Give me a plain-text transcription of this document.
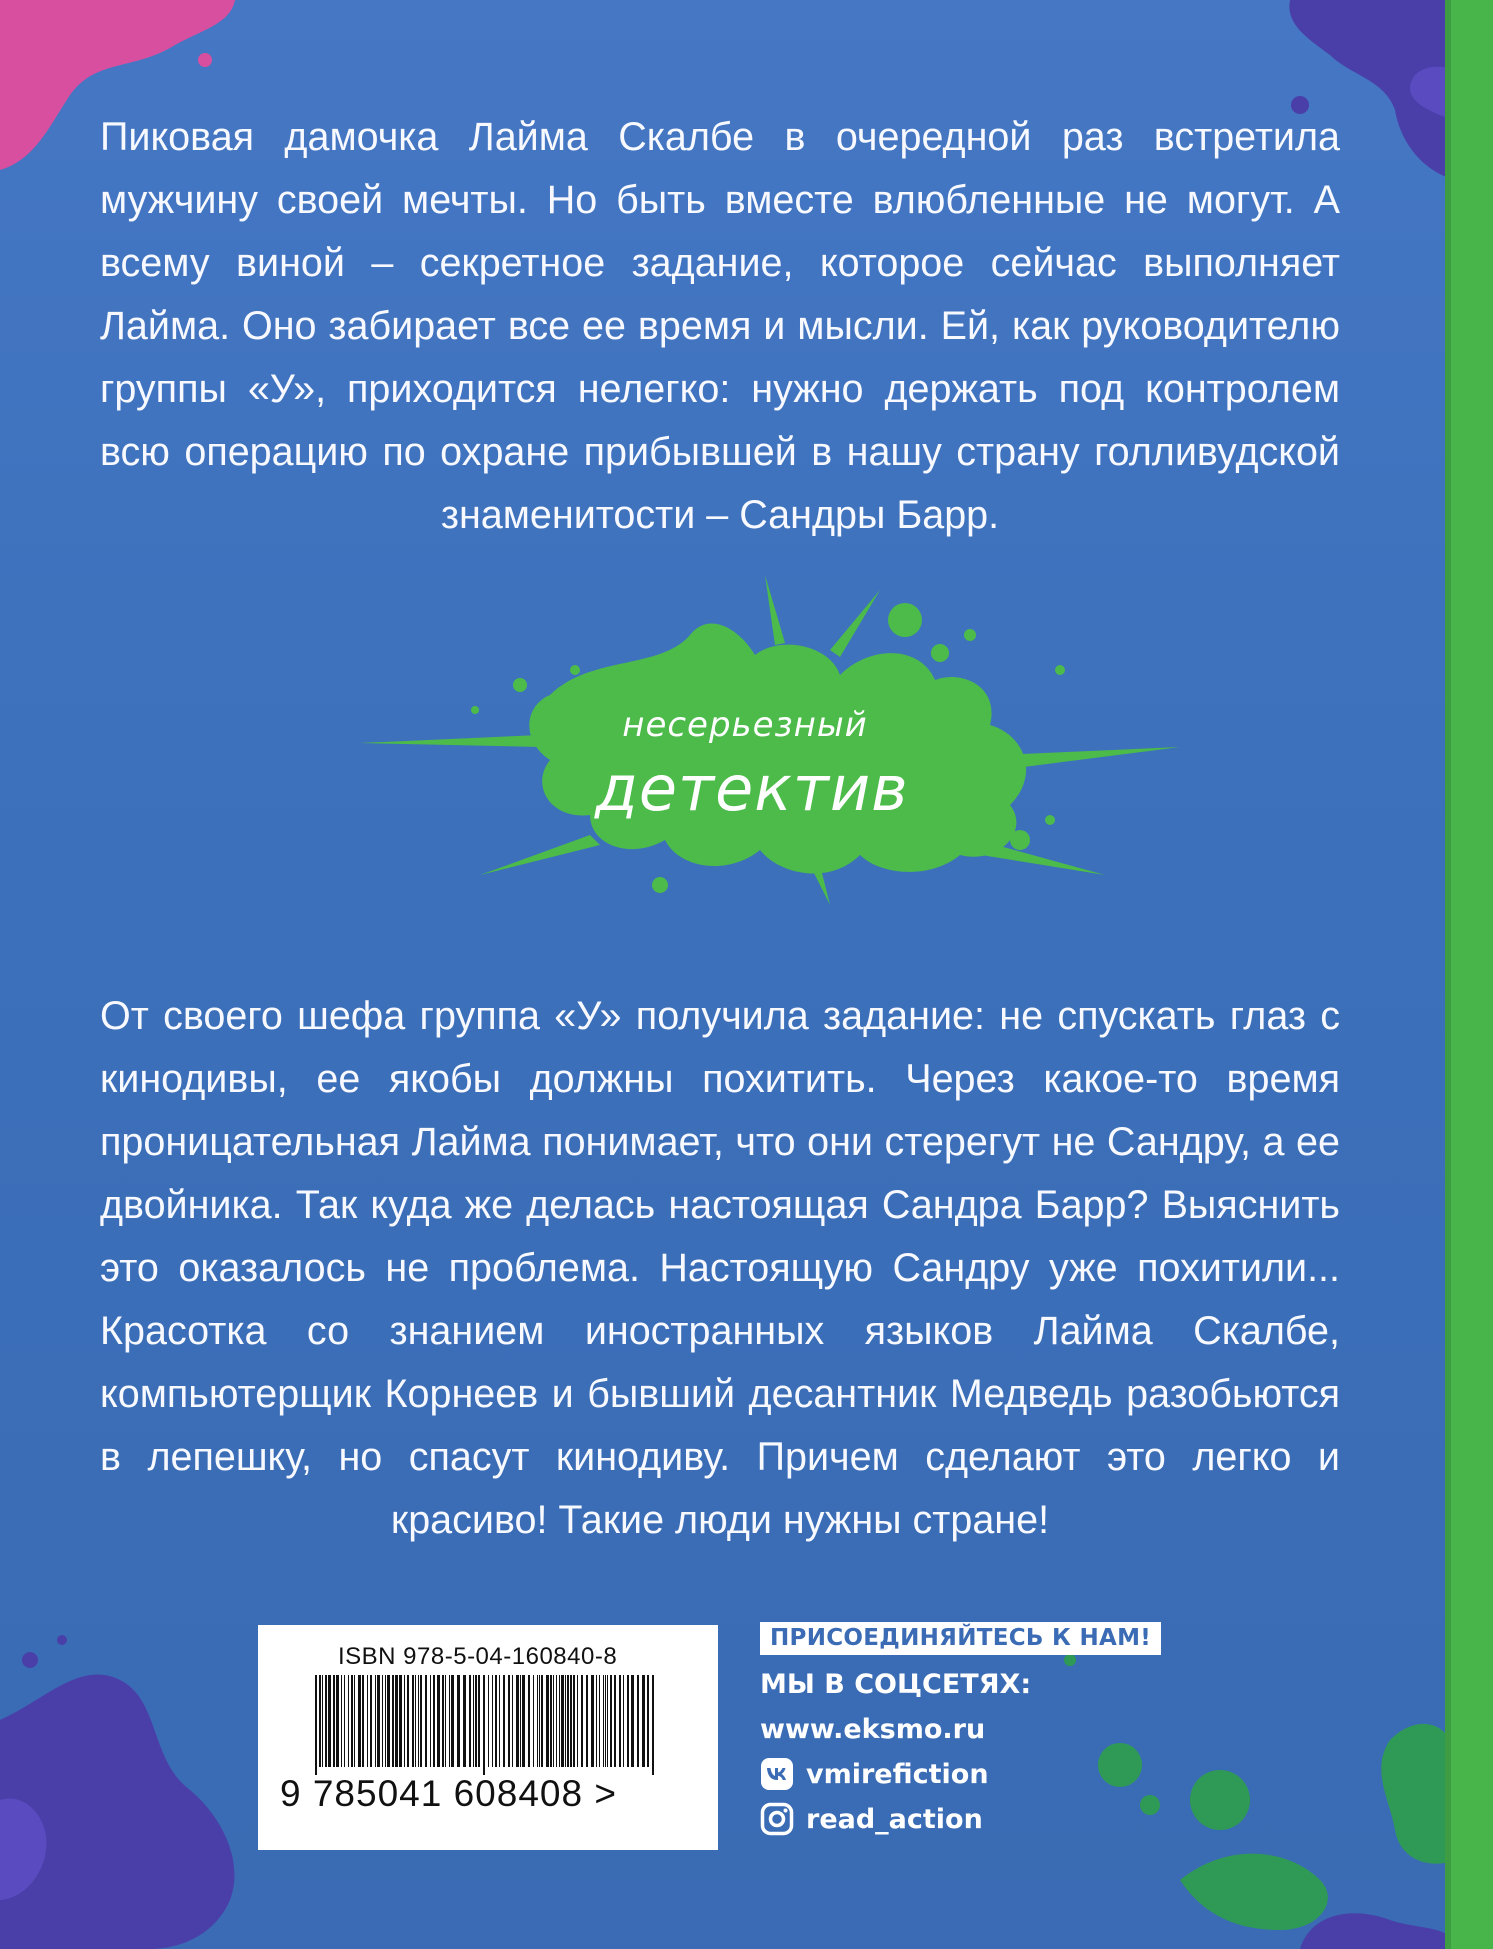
Пиковая дамочка Лайма Скалбе в очередной раз встретила мужчину своей мечты. Но быть вместе влюбленные не могут. А всему виной – секретное задание, которое сейчас выполняет Лайма. Оно забирает все ее время и мысли. Ей, как руководителю группы «У», приходится нелегко: нужно держать под контролем всю операцию по охране прибывшей в нашу страну голливудской знаменитости – Сандры Барр.

несерьезный
детектив

От своего шефа группа «У» получила задание: не спускать глаз с кинодивы, ее якобы должны похитить. Через какое-то время проницательная Лайма понимает, что они стерегут не Сандру, а ее двойника. Так куда же делась настоящая Сандра Барр? Выяснить это оказалось не проблема. Настоящую Сандру уже похитили... Красотка со знанием иностранных языков Лайма Скалбе, компьютерщик Корнеев и бывший десантник Медведь разобьются в лепешку, но спасут кинодиву. Причем сделают это легко и красиво! Такие люди нужны стране!

ISBN 978-5-04-160840-8
9 785041 608408 >
ПРИСОЕДИНЯЙТЕСЬ К НАМ!
МЫ В СОЦСЕТЯХ:
www.eksmo.ru
vmirefiction
read_action
